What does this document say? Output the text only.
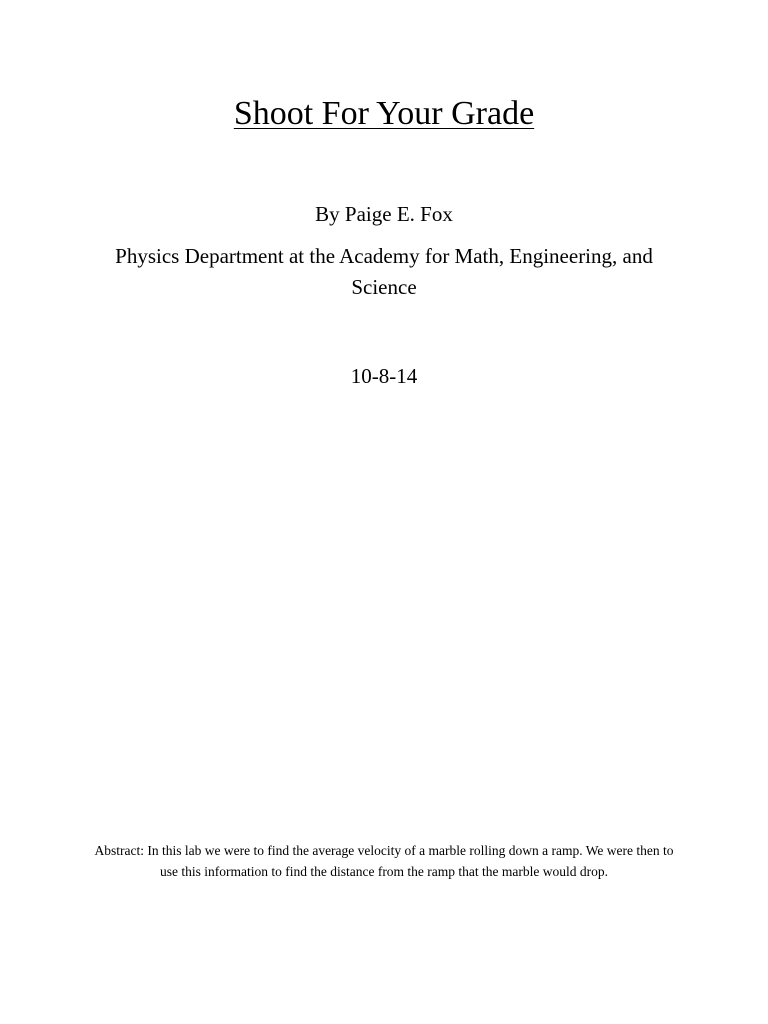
Shoot For Your Grade

By Paige E. Fox

Physics Department at the Academy for Math, Engineering, and Science

10-8-14

Abstract: In this lab we were to find the average velocity of a marble rolling down a ramp. We were then to use this information to find the distance from the ramp that the marble would drop.
